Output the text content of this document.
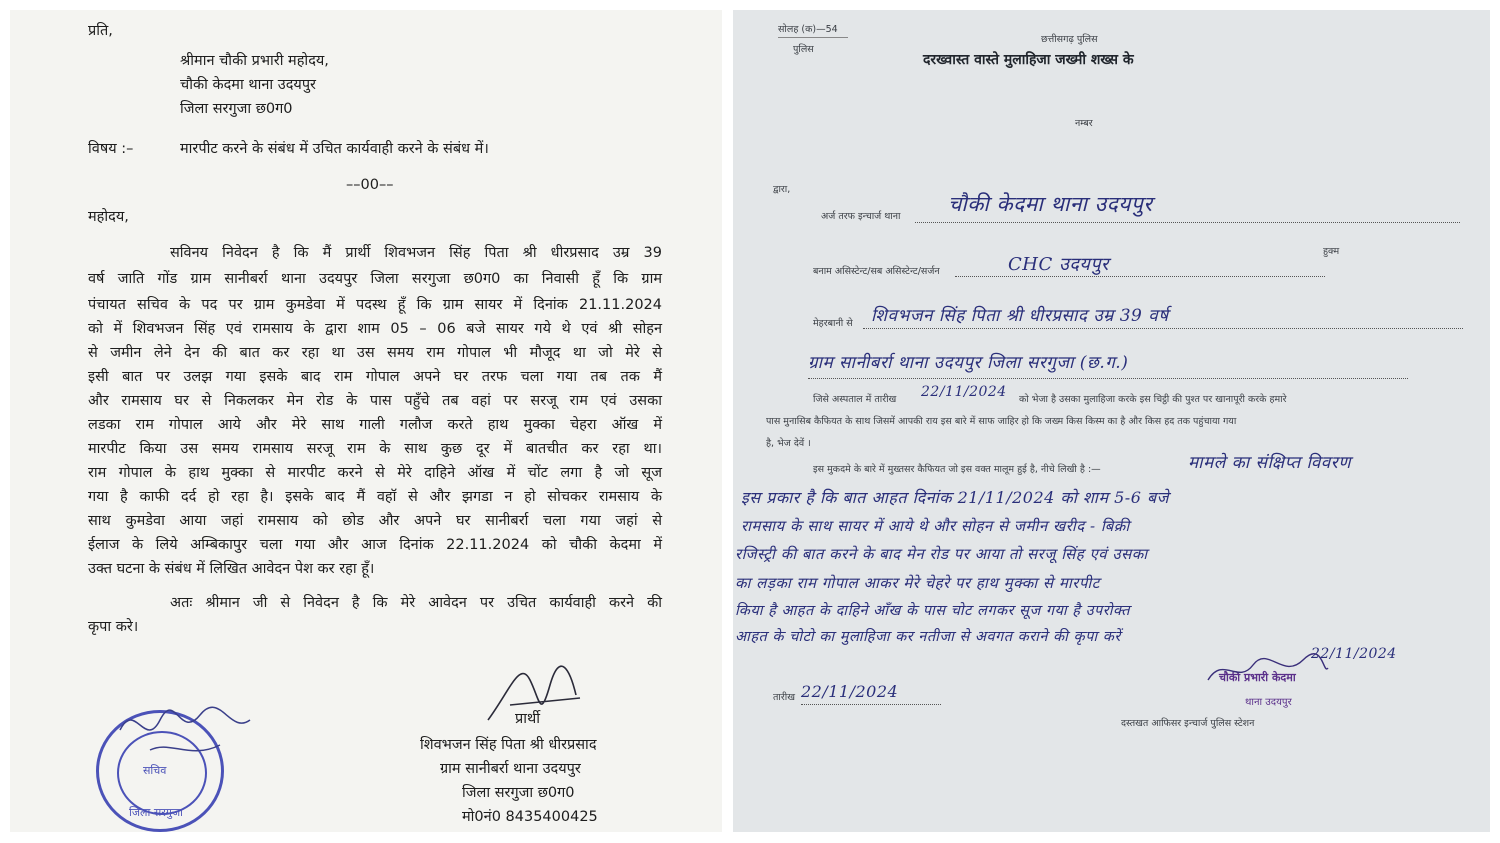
प्रति,
श्रीमान चौकी प्रभारी महोदय,
चौकी केदमा थाना उदयपुर
जिला सरगुजा छ0ग0
विषय :–	मारपीट करने के संबंध में उचित कार्यवाही करने के संबंध में।
––00––
महोदय,
सविनय निवेदन है कि मैं प्रार्थी शिवभजन सिंह पिता श्री धीरप्रसाद उम्र 39
वर्ष जाति गोंड ग्राम सानीबर्रा थाना उदयपुर जिला सरगुजा छ0ग0 का निवासी हूँ कि ग्राम
पंचायत सचिव के पद पर ग्राम कुमडेवा में पदस्थ हूँ कि ग्राम सायर में दिनांक 21.11.2024
को में शिवभजन सिंह एवं रामसाय के द्वारा शाम 05 – 06 बजे सायर गये थे एवं श्री सोहन
से जमीन लेने देन की बात कर रहा था उस समय राम गोपाल भी मौजूद था जो मेरे से
इसी बात पर उलझ गया इसके बाद राम गोपाल अपने घर तरफ चला गया तब तक मैं
और रामसाय घर से निकलकर मेन रोड के पास पहुँचे तब वहां पर सरजू राम एवं उसका
लडका राम गोपाल आये और मेरे साथ गाली गलौज करते हाथ मुक्का चेहरा ऑख में
मारपीट किया उस समय रामसाय सरजू राम के साथ कुछ दूर में बातचीत कर रहा था।
राम गोपाल के हाथ मुक्का से मारपीट करने से मेरे दाहिने ऑख में चोंट लगा है जो सूज
गया है काफी दर्द हो रहा है। इसके बाद मैं वहॉ से और झगडा न हो सोचकर रामसाय के
साथ कुमडेवा आया जहां रामसाय को छोड और अपने घर सानीबर्रा चला गया जहां से
ईलाज के लिये अम्बिकापुर चला गया और आज दिनांक 22.11.2024 को चौकी केदमा में
उक्त घटना के संबंध में लिखित आवेदन पेश कर रहा हूँ।
अतः श्रीमान जी से निवेदन है कि मेरे आवेदन पर उचित कार्यवाही करने की
कृपा करे।
प्रार्थी
शिवभजन सिंह पिता श्री धीरप्रसाद
ग्राम सानीबर्रा थाना उदयपुर
जिला सरगुजा छ0ग0
मो0नं0 8435400425
जिला सरगुजा
सचिव
सोलह (क)—54
पुलिस
छत्तीसगढ़ पुलिस
दरख्वास्त वास्ते मुलाहिजा जख्मी शख्स के
नम्बर
द्वारा,
अर्ज तरफ इन्चार्ज थाना
चौकी केदमा थाना उदयपुर
बनाम असिस्टेन्ट/सब असिस्टेन्ट/सर्जन	CHC उदयपुर
हुक्म
मेहरबानी से शिवभजन सिंह पिता श्री धीरप्रसाद उम्र 39 वर्ष
ग्राम सानीबर्रा थाना उदयपुर जिला सरगुजा (छ.ग.)
जिसे अस्पताल में तारीख 22/11/2024 को भेजा है उसका मुलाहिजा करके इस चिट्ठी की पुश्त पर खानापूरी करके हमारे
पास मुनासिब कैफियत के साथ जिसमें आपकी राय इस बारे में साफ जाहिर हो कि जख्म किस किस्म का है और किस हद तक पहुंचाया गया
है, भेज देवें ।
इस मुकदमे के बारे में मुख्तसर कैफियत जो इस वक्त मालूम हुई है, नीचे लिखी है :—	मामले का संक्षिप्त विवरण
इस प्रकार है कि बात आहत दिनांक 21/11/2024 को शाम 5-6 बजे
रामसाय के साथ सायर में आये थे और सोहन से जमीन खरीद - बिक्री
रजिस्ट्री की बात करने के बाद मेन रोड पर आया तो सरजू सिंह एवं उसका
का लड़का राम गोपाल आकर मेरे चेहरे पर हाथ मुक्का से मारपीट
किया है आहत के दाहिने आँख के पास चोट लगकर सूज गया है उपरोक्त
आहत के चोटो का मुलाहिजा कर नतीजा से अवगत कराने की कृपा करें
तारीख 22/11/2024
चौकी प्रभारी केदमा
थाना उदयपुर
22/11/2024
दस्तखत आफिसर इन्चार्ज पुलिस स्टेशन
